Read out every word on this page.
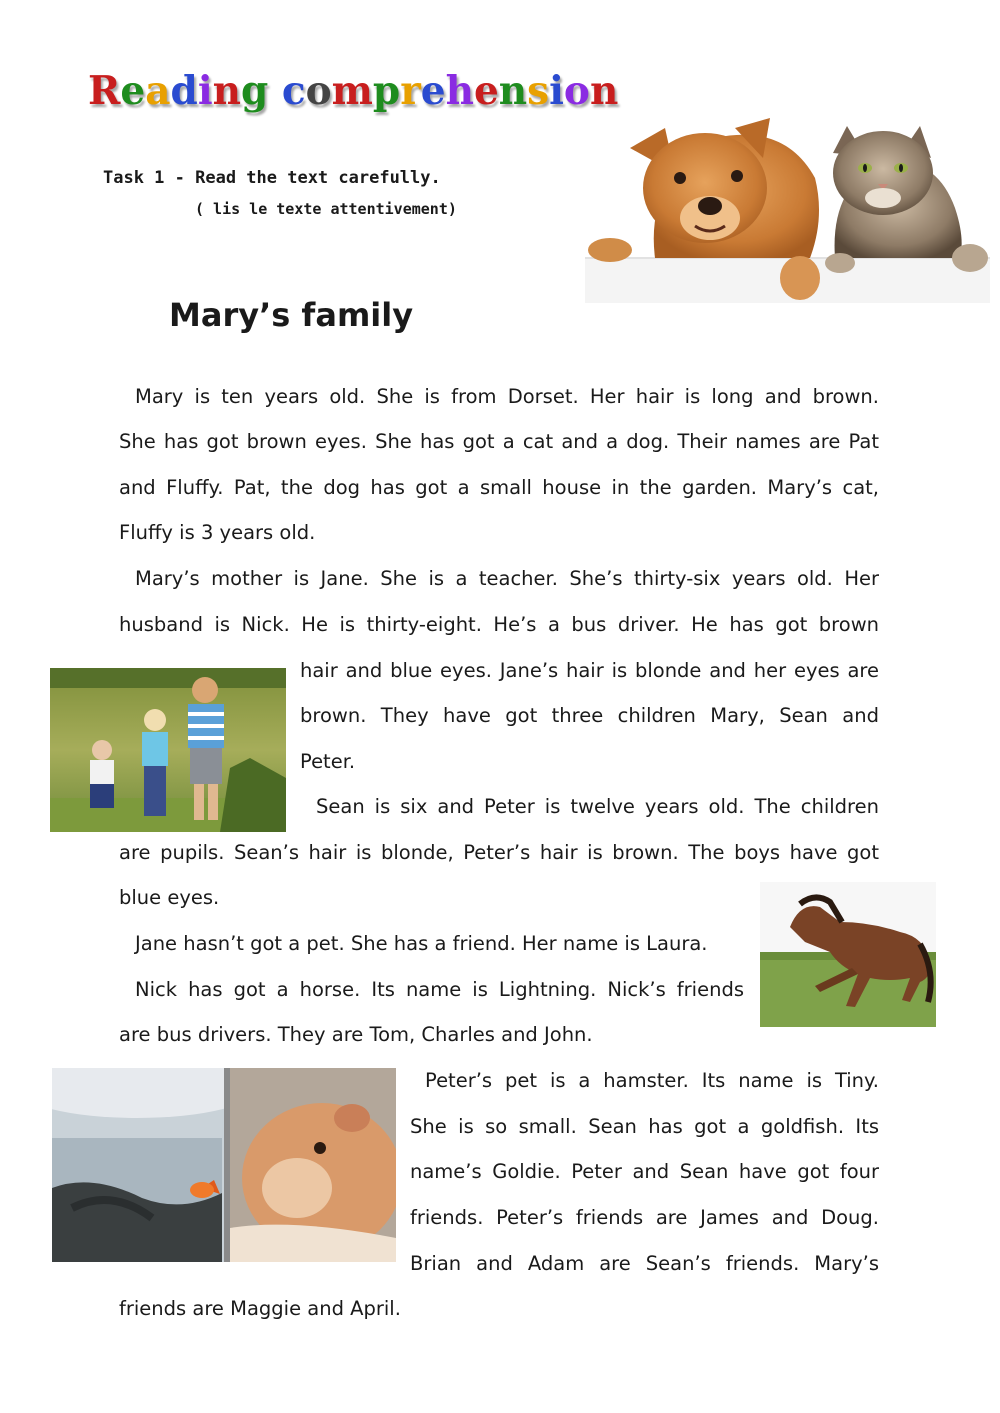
Reading comprehension
Task 1 - Read the text carefully.
( lis le texte attentivement)
Mary’s family
Mary is ten years old. She is from Dorset. Her hair is long and brown.
She has got brown eyes. She has got a cat and a dog. Their names are Pat
and Fluffy. Pat, the dog has got a small house in the garden. Mary’s cat,
Fluffy is 3 years old.
Mary’s mother is Jane. She is a teacher. She’s thirty-six years old. Her
husband is Nick. He is thirty-eight. He’s a bus driver. He has got brown
hair and blue eyes. Jane’s hair is blonde and her eyes are
brown. They have got three children Mary, Sean and
Peter.
Sean is six and Peter is twelve years old. The children
are pupils. Sean’s hair is blonde, Peter’s hair is brown. The boys have got
blue eyes.
Jane hasn’t got a pet. She has a friend. Her name is Laura.
Nick has got a horse. Its name is Lightning. Nick’s friends
are bus drivers. They are Tom, Charles and John.
Peter’s pet is a hamster. Its name is Tiny.
She is so small. Sean has got a goldfish. Its
name’s Goldie. Peter and Sean have got four
friends. Peter’s friends are James and Doug.
Brian and Adam are Sean’s friends. Mary’s
friends are Maggie and April.
